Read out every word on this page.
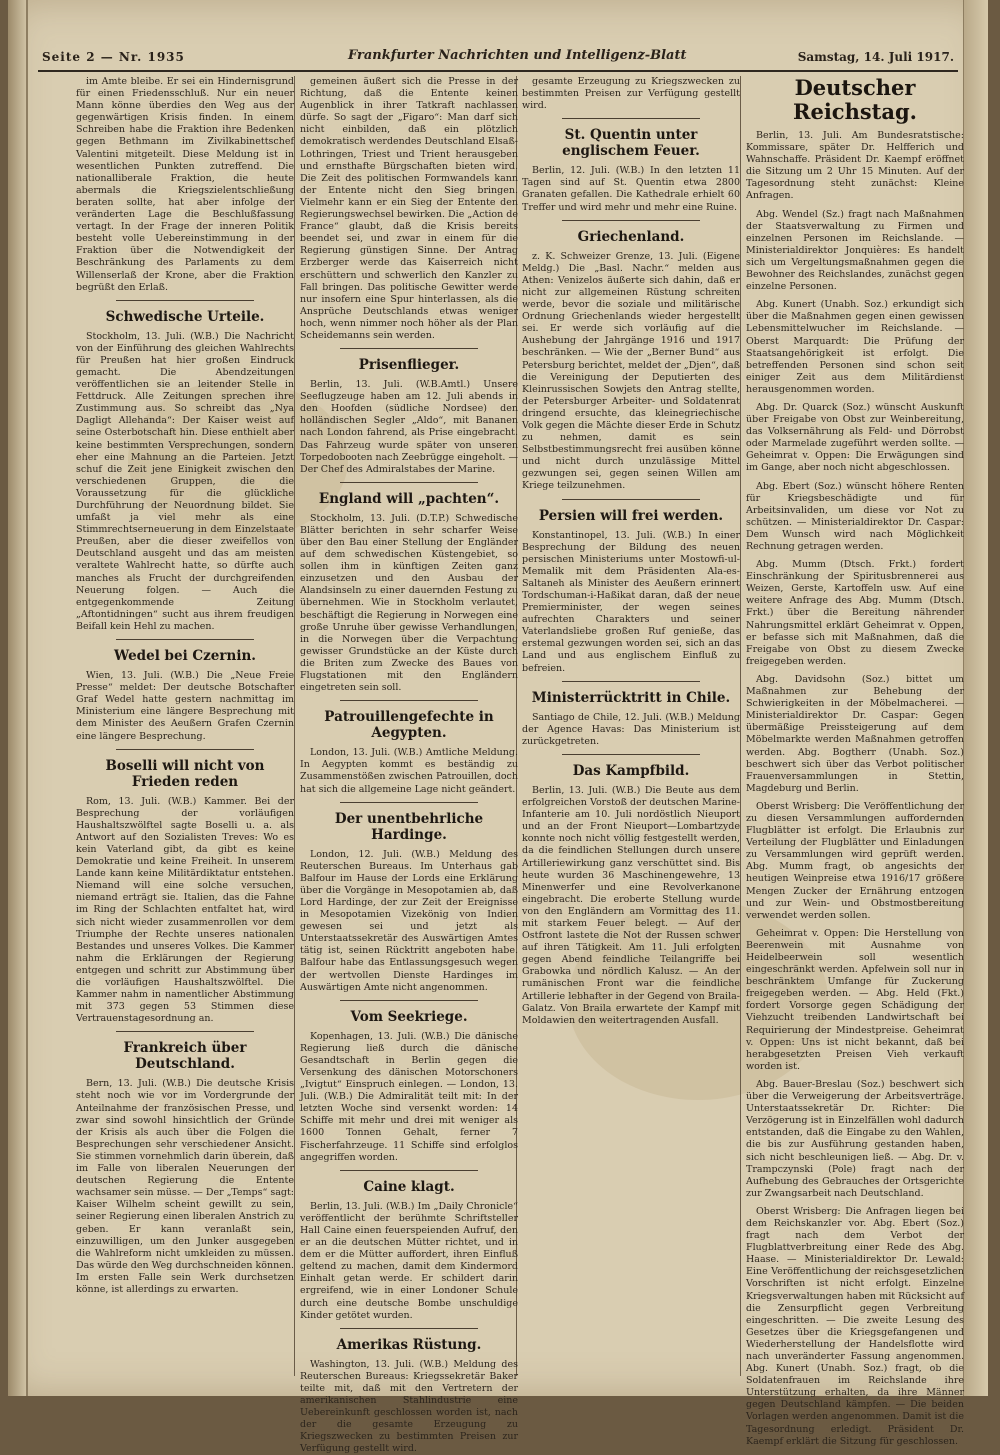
Seite 2 — Nr. 1935	Frankfurter Nachrichten und Intelligenz-Blatt	Samstag, 14. Juli 1917.

im Amte bleibe. Er sei ein Hindernisgrund für einen Friedensschluß. Nur ein neuer Mann könne überdies den Weg aus der gegenwärtigen Krisis finden. In einem Schreiben habe die Fraktion ihre Bedenken gegen Bethmann im Zivilkabinettschef Valentini mitgeteilt. Diese Meldung ist in wesentlichen Punkten zutreffend. Die nationalliberale Fraktion, die heute abermals die Kriegszielentschließung beraten sollte, hat aber infolge der veränderten Lage die Beschlußfassung vertagt. In der Frage der inneren Politik besteht volle Uebereinstimmung in der Fraktion über die Notwendigkeit der Beschränkung des Parlaments zu dem Willenserlaß der Krone, aber die Fraktion begrüßt den Erlaß.

Schwedische Urteile.

Stockholm, 13. Juli. (W.B.) Die Nachricht von der Einführung des gleichen Wahlrechts für Preußen hat hier großen Eindruck gemacht. Die Abendzeitungen veröffentlichen sie an leitender Stelle in Fettdruck. Alle Zeitungen sprechen ihre Zustimmung aus. So schreibt das „Nya Dagligt Allehanda“: Der Kaiser weist auf seine Osterbotschaft hin. Diese enthielt aber keine bestimmten Versprechungen, sondern eher eine Mahnung an die Parteien. Jetzt schuf die Zeit jene Einigkeit zwischen den verschiedenen Gruppen, die die Voraussetzung für die glückliche Durchführung der Neuordnung bildet. Sie umfaßt ja viel mehr als eine Stimmrechtserneuerung in dem Einzelstaate Preußen, aber die dieser zweifellos von Deutschland ausgeht und das am meisten veraltete Wahlrecht hatte, so dürfte auch manches als Frucht der durchgreifenden Neuerung folgen. — Auch die entgegenkommende Zeitung „Aftontidningen“ sucht aus ihrem freudigen Beifall kein Hehl zu machen.

Wedel bei Czernin.

Wien, 13. Juli. (W.B.) Die „Neue Freie Presse“ meldet: Der deutsche Botschafter Graf Wedel hatte gestern nachmittag im Ministerium eine längere Besprechung mit dem Minister des Aeußern Grafen Czernin eine längere Besprechung.

Boselli will nicht von Frieden reden

Rom, 13. Juli. (W.B.) Kammer. Bei der Besprechung der vorläufigen Haushaltszwölftel sagte Boselli u. a. als Antwort auf den Sozialisten Treves: Wo es kein Vaterland gibt, da gibt es keine Demokratie und keine Freiheit. In unserem Lande kann keine Militärdiktatur entstehen. Niemand will eine solche versuchen, niemand erträgt sie. Italien, das die Fahne im Ring der Schlachten entfaltet hat, wird sich nicht wieder zusammenrollen vor dem Triumphe der Rechte unseres nationalen Bestandes und unseres Volkes. Die Kammer nahm die Erklärungen der Regierung entgegen und schritt zur Abstimmung über die vorläufigen Haushaltszwölftel. Die Kammer nahm in namentlicher Abstimmung mit 373 gegen 53 Stimmen diese Vertrauenstagesordnung an.

Frankreich über Deutschland.

Bern, 13. Juli. (W.B.) Die deutsche Krisis steht noch wie vor im Vordergrunde der Anteilnahme der französischen Presse, und zwar sind sowohl hinsichtlich der Gründe der Krisis als auch über die Folgen die Besprechungen sehr verschiedener Ansicht. Sie stimmen vornehmlich darin überein, daß im Falle von liberalen Neuerungen der deutschen Regierung die Entente wachsamer sein müsse. — Der „Temps“ sagt: Kaiser Wilhelm scheint gewillt zu sein, seiner Regierung einen liberalen Anstrich zu geben. Er kann veranlaßt sein, einzuwilligen, um den Junker ausgegeben die Wahlreform nicht umkleiden zu müssen. Das würde den Weg durchschneiden können. Im ersten Falle sein Werk durchsetzen könne, ist allerdings zu erwarten.

gemeinen äußert sich die Presse in der Richtung, daß die Entente keinen Augenblick in ihrer Tatkraft nachlassen dürfe. So sagt der „Figaro“: Man darf sich nicht einbilden, daß ein plötzlich demokratisch werdendes Deutschland Elsaß-Lothringen, Triest und Trient herausgeben und ernsthafte Bürgschaften bieten wird. Die Zeit des politischen Formwandels kann der Entente nicht den Sieg bringen. Vielmehr kann er ein Sieg der Entente den Regierungswechsel bewirken. Die „Action de France“ glaubt, daß die Krisis bereits beendet sei, und zwar in einem für die Regierung günstigen Sinne. Der Antrag Erzberger werde das Kaiserreich nicht erschüttern und schwerlich den Kanzler zu Fall bringen. Das politische Gewitter werde nur insofern eine Spur hinterlassen, als die Ansprüche Deutschlands etwas weniger hoch, wenn nimmer noch höher als der Plan Scheidemanns sein werden.

Prisenflieger.

Berlin, 13. Juli. (W.B.Amtl.) Unsere Seeflugzeuge haben am 12. Juli abends in den Hoofden (südliche Nordsee) den holländischen Segler „Aldo“, mit Bananen nach London fahrend, als Prise eingebracht. Das Fahrzeug wurde später von unseren Torpedobooten nach Zeebrügge eingeholt. — Der Chef des Admiralstabes der Marine.

England will „pachten“.

Stockholm, 13. Juli. (D.T.P.) Schwedische Blätter berichten in sehr scharfer Weise über den Bau einer Stellung der Engländer auf dem schwedischen Küstengebiet, so sollen ihm in künftigen Zeiten ganz einzusetzen und den Ausbau der Alandsinseln zu einer dauernden Festung zu übernehmen. Wie in Stockholm verlautet, beschäftigt die Regierung in Norwegen eine große Unruhe über gewisse Verhandlungen, in die Norwegen über die Verpachtung gewisser Grundstücke an der Küste durch die Briten zum Zwecke des Baues von Flugstationen mit den Engländern eingetreten sein soll.

Patrouillengefechte in Aegypten.

London, 13. Juli. (W.B.) Amtliche Meldung. In Aegypten kommt es beständig zu Zusammenstößen zwischen Patrouillen, doch hat sich die allgemeine Lage nicht geändert.

Der unentbehrliche Hardinge.

London, 12. Juli. (W.B.) Meldung des Reuterschen Bureaus. Im Unterhaus gab Balfour im Hause der Lords eine Erklärung über die Vorgänge in Mesopotamien ab, daß Lord Hardinge, der zur Zeit der Ereignisse in Mesopotamien Vizekönig von Indien gewesen sei und jetzt als Unterstaatssekretär des Auswärtigen Amtes tätig ist, seinen Rücktritt angeboten habe. Balfour habe das Entlassungsgesuch wegen der wertvollen Dienste Hardinges im Auswärtigen Amte nicht angenommen.

Vom Seekriege.

Kopenhagen, 13. Juli. (W.B.) Die dänische Regierung ließ durch die dänische Gesandtschaft in Berlin gegen die Versenkung des dänischen Motorschoners „Ivigtut“ Einspruch einlegen. — London, 13. Juli. (W.B.) Die Admiralität teilt mit: In der letzten Woche sind versenkt worden: 14 Schiffe mit mehr und drei mit weniger als 1600 Tonnen Gehalt, ferner 7 Fischerfahrzeuge. 11 Schiffe sind erfolglos angegriffen worden.

Caine klagt.

Berlin, 13. Juli. (W.B.) Im „Daily Chronicle“ veröffentlicht der berühmte Schriftsteller Hall Caine einen feuerspeienden Aufruf, den er an die deutschen Mütter richtet, und in dem er die Mütter auffordert, ihren Einfluß geltend zu machen, damit dem Kindermord Einhalt getan werde. Er schildert darin ergreifend, wie in einer Londoner Schule durch eine deutsche Bombe unschuldige Kinder getötet wurden.

Amerikas Rüstung.

Washington, 13. Juli. (W.B.) Meldung des Reuterschen Bureaus: Kriegssekretär Baker teilte mit, daß mit den Vertretern der amerikanischen Stahlindustrie eine Uebereinkunft geschlossen worden ist, nach der die gesamte Erzeugung zu Kriegszwecken zu bestimmten Preisen zur Verfügung gestellt wird.

gesamte Erzeugung zu Kriegszwecken zu bestimmten Preisen zur Verfügung gestellt wird.

St. Quentin unter englischem Feuer.

Berlin, 12. Juli. (W.B.) In den letzten 11 Tagen sind auf St. Quentin etwa 2800 Granaten gefallen. Die Kathedrale erhielt 60 Treffer und wird mehr und mehr eine Ruine.

Griechenland.

z. K. Schweizer Grenze, 13. Juli. (Eigene Meldg.) Die „Basl. Nachr.“ melden aus Athen: Venizelos äußerte sich dahin, daß er nicht zur allgemeinen Rüstung schreiten werde, bevor die soziale und militärische Ordnung Griechenlands wieder hergestellt sei. Er werde sich vorläufig auf die Aushebung der Jahrgänge 1916 und 1917 beschränken. — Wie der „Berner Bund“ aus Petersburg berichtet, meldet der „Djen“, daß die Vereinigung der Deputierten des Kleinrussischen Sowjets den Antrag stellte, der Petersburger Arbeiter- und Soldatenrat dringend ersuchte, das kleinegriechische Volk gegen die Mächte dieser Erde in Schutz zu nehmen, damit es sein Selbstbestimmungsrecht frei ausüben könne und nicht durch unzulässige Mittel gezwungen sei, gegen seinen Willen am Kriege teilzunehmen.

Persien will frei werden.

Konstantinopel, 13. Juli. (W.B.) In einer Besprechung der Bildung des neuen persischen Ministeriums unter Mostowfi-ul-Memalik mit dem Präsidenten Ala-es-Saltaneh als Minister des Aeußern erinnert Tordschuman-i-Haßikat daran, daß der neue Premierminister, der wegen seines aufrechten Charakters und seiner Vaterlandsliebe großen Ruf genieße, das erstemal gezwungen worden sei, sich an das Land und aus englischem Einfluß zu befreien.

Ministerrücktritt in Chile.

Santiago de Chile, 12. Juli. (W.B.) Meldung der Agence Havas: Das Ministerium ist zurückgetreten.

Das Kampfbild.

Berlin, 13. Juli. (W.B.) Die Beute aus dem erfolgreichen Vorstoß der deutschen Marine-Infanterie am 10. Juli nordöstlich Nieuport und an der Front Nieuport—Lombartzyde konnte noch nicht völlig festgestellt werden, da die feindlichen Stellungen durch unsere Artilleriewirkung ganz verschüttet sind. Bis heute wurden 36 Maschinengewehre, 13 Minenwerfer und eine Revolverkanone eingebracht. Die eroberte Stellung wurde von den Engländern am Vormittag des 11. mit starkem Feuer belegt. — Auf der Ostfront lastete die Not der Russen schwer auf ihren Tätigkeit. Am 11. Juli erfolgten gegen Abend feindliche Teilangriffe bei Grabowka und nördlich Kalusz. — An der rumänischen Front war die feindliche Artillerie lebhafter in der Gegend von Braila-Galatz. Von Braila erwartete der Kampf mit Moldawien den weitertragenden Ausfall.

Deutscher Reichstag.

Berlin, 13. Juli. Am Bundesratstische: Kommissare, später Dr. Helfferich und Wahnschaffe. Präsident Dr. Kaempf eröffnet die Sitzung um 2 Uhr 15 Minuten. Auf der Tagesordnung steht zunächst: Kleine Anfragen.

Abg. Wendel (Sz.) fragt nach Maßnahmen der Staatsverwaltung zu Firmen und einzelnen Personen im Reichslande. — Ministerialdirektor Jonquières: Es handelt sich um Vergeltungsmaßnahmen gegen die Bewohner des Reichslandes, zunächst gegen einzelne Personen.

Abg. Kunert (Unabh. Soz.) erkundigt sich über die Maßnahmen gegen einen gewissen Lebensmittelwucher im Reichslande. — Oberst Marquardt: Die Prüfung der Staatsangehörigkeit ist erfolgt. Die betreffenden Personen sind schon seit einiger Zeit aus dem Militärdienst herausgenommen worden.

Abg. Dr. Quarck (Soz.) wünscht Auskunft über Freigabe von Obst zur Weinbereitung, das Volksernährung als Feld- und Dörrobst oder Marmelade zugeführt werden sollte. — Geheimrat v. Oppen: Die Erwägungen sind im Gange, aber noch nicht abgeschlossen.

Abg. Ebert (Soz.) wünscht höhere Renten für Kriegsbeschädigte und für Arbeitsinvaliden, um diese vor Not zu schützen. — Ministerialdirektor Dr. Caspar: Dem Wunsch wird nach Möglichkeit Rechnung getragen werden.

Abg. Mumm (Dtsch. Frkt.) fordert Einschränkung der Spiritusbrennerei aus Weizen, Gerste, Kartoffeln usw. Auf eine weitere Anfrage des Abg. Mumm (Dtsch. Frkt.) über die Bereitung nährender Nahrungsmittel erklärt Geheimrat v. Oppen, er befasse sich mit Maßnahmen, daß die Freigabe von Obst zu diesem Zwecke freigegeben werden.

Abg. Davidsohn (Soz.) bittet um Maßnahmen zur Behebung der Schwierigkeiten in der Möbelmacherei. — Ministerialdirektor Dr. Caspar: Gegen übermäßige Preissteigerung auf dem Möbelmarkte werden Maßnahmen getroffen werden. Abg. Bogtherr (Unabh. Soz.) beschwert sich über das Verbot politischer Frauenversammlungen in Stettin, Magdeburg und Berlin.

Oberst Wrisberg: Die Veröffentlichung der zu diesen Versammlungen auffordernden Flugblätter ist erfolgt. Die Erlaubnis zur Verteilung der Flugblätter und Einladungen zu Versammlungen wird geprüft werden. Abg. Mumm fragt, ob angesichts der heutigen Weinpreise etwa 1916/17 größere Mengen Zucker der Ernährung entzogen und zur Wein- und Obstmostbereitung verwendet werden sollen.

Geheimrat v. Oppen: Die Herstellung von Beerenwein mit Ausnahme von Heidelbeerwein soll wesentlich eingeschränkt werden. Apfelwein soll nur in beschränktem Umfange für Zuckerung freigegeben werden. — Abg. Held (Fkt.) fordert Vorsorge gegen Schädigung der Viehzucht treibenden Landwirtschaft bei Requirierung der Mindestpreise. Geheimrat v. Oppen: Uns ist nicht bekannt, daß bei herabgesetzten Preisen Vieh verkauft worden ist.

Abg. Bauer-Breslau (Soz.) beschwert sich über die Verweigerung der Arbeitsverträge. Unterstaatssekretär Dr. Richter: Die Verzögerung ist in Einzelfällen wohl dadurch entstanden, daß die Eingabe zu den Wahlen, die bis zur Ausführung gestanden haben, sich nicht beschleunigen ließ. — Abg. Dr. v. Trampczynski (Pole) fragt nach der Aufhebung des Gebrauches der Ortsgerichte zur Zwangsarbeit nach Deutschland.

Oberst Wrisberg: Die Anfragen liegen bei dem Reichskanzler vor. Abg. Ebert (Soz.) fragt nach dem Verbot der Flugblattverbreitung einer Rede des Abg. Haase. — Ministerialdirektor Dr. Lewald: Eine Veröffentlichung der reichsgesetzlichen Vorschriften ist nicht erfolgt. Einzelne Kriegsverwaltungen haben mit Rücksicht auf die Zensurpflicht gegen Verbreitung eingeschritten. — Die zweite Lesung des Gesetzes über die Kriegsgefangenen und Wiederherstellung der Handelsflotte wird nach unveränderter Fassung angenommen. Abg. Kunert (Unabh. Soz.) fragt, ob die Soldatenfrauen im Reichslande ihre Unterstützung erhalten, da ihre Männer gegen Deutschland kämpfen. — Die beiden Vorlagen werden angenommen. Damit ist die Tagesordnung erledigt. Präsident Dr. Kaempf erklärt die Sitzung für geschlossen.
